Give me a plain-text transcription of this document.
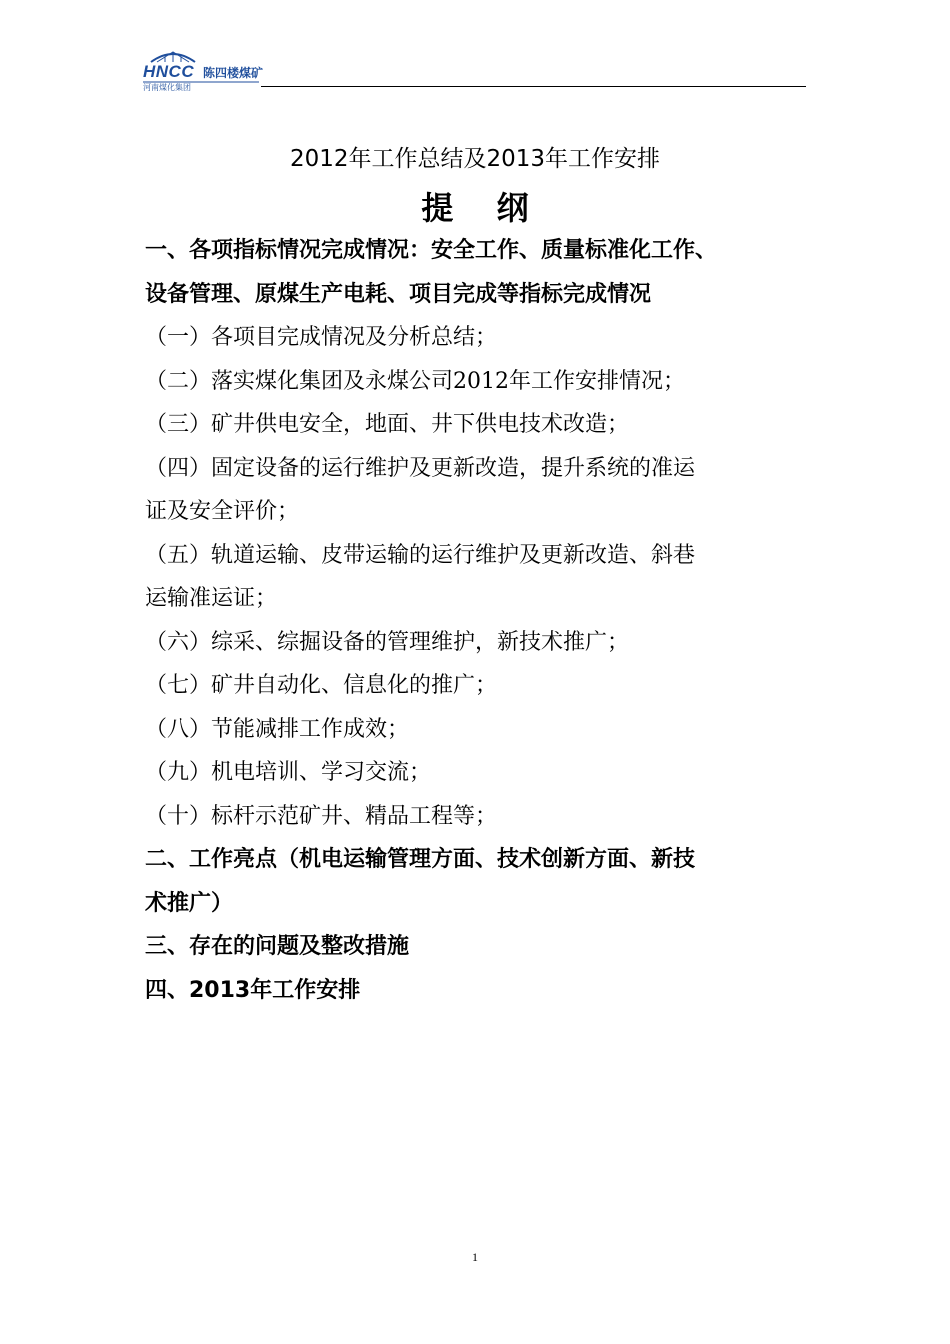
HNCC 陈四楼煤矿
河南煤化集团
2012年工作总结及2013年工作安排
提 纲
一、各项指标情况完成情况：安全工作、质量标准化工作、
设备管理、原煤生产电耗、项目完成等指标完成情况
（一）各项目完成情况及分析总结；
（二）落实煤化集团及永煤公司2012年工作安排情况；
（三）矿井供电安全，地面、井下供电技术改造；
（四）固定设备的运行维护及更新改造，提升系统的准运
证及安全评价；
（五）轨道运输、皮带运输的运行维护及更新改造、斜巷
运输准运证；
（六）综采、综掘设备的管理维护，新技术推广；
（七）矿井自动化、信息化的推广；
（八）节能减排工作成效；
（九）机电培训、学习交流；
（十）标杆示范矿井、精品工程等；
二、工作亮点（机电运输管理方面、技术创新方面、新技
术推广）
三、存在的问题及整改措施
四、2013年工作安排
1
